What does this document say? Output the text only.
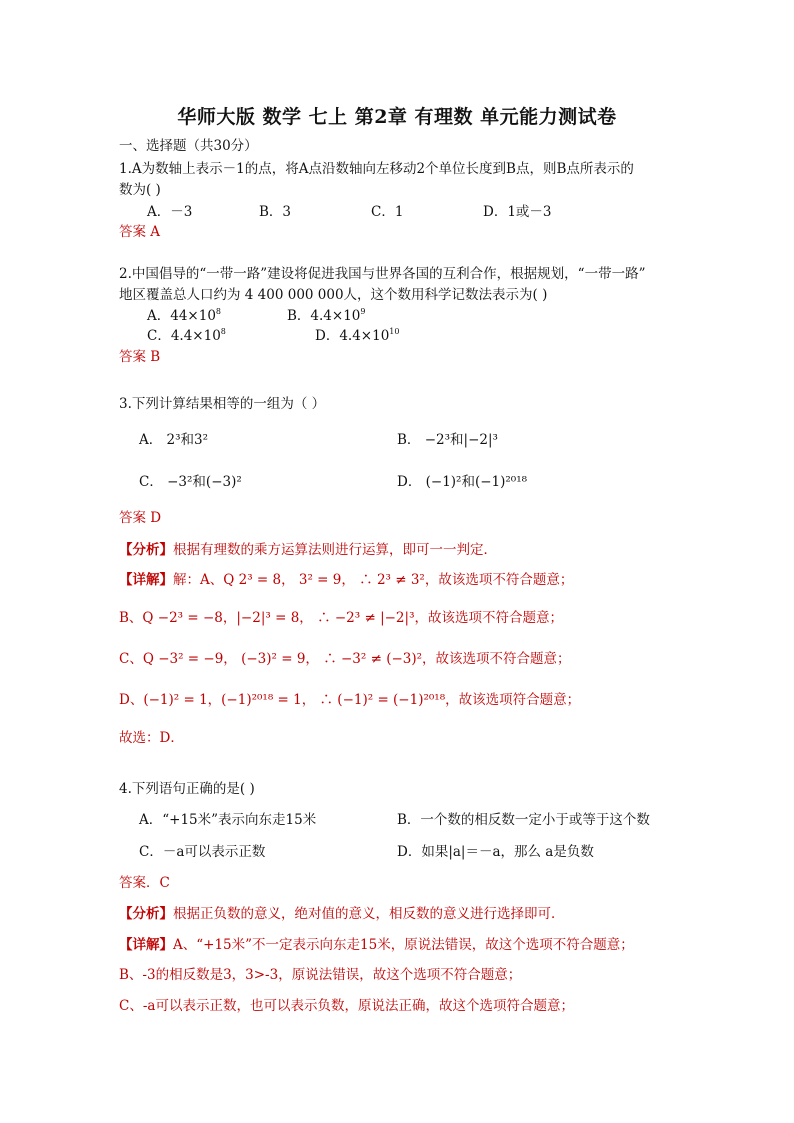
华师大版 数学 七上 第2章 有理数 单元能力测试卷
一、选择题（共30分）
1.A为数轴上表示－1的点，将A点沿数轴向左移动2个单位长度到B点，则B点所表示的
数为( )
A．－3	B．3	C．1	D．1或－3
答案 A
2.中国倡导的“一带一路”建设将促进我国与世界各国的互利合作，根据规划，“一带一路”
地区覆盖总人口约为 4 400 000 000人，这个数用科学记数法表示为( )
A．$44\times 10^8$	B．$4.4\times 10^9$
C．$4.4\times 10^8$	D．$4.4\times 10^{10}$
答案 B
3.下列计算结果相等的一组为（ ）
A． 2³和3²	B． −2³和|−2|³
C． −3²和(−3)²	D． (−1)²和(−1)²⁰¹⁸
答案 D
【分析】根据有理数的乘方运算法则进行运算，即可一一判定．
【详解】解：A、Q 2³ = 8， 3² = 9， ∴ 2³ ≠ 3²，故该选项不符合题意；
B、Q −2³ = −8，|−2|³ = 8， ∴ −2³ ≠ |−2|³，故该选项不符合题意；
C、Q −3² = −9， (−3)² = 9， ∴ −3² ≠ (−3)²，故该选项不符合题意；
D、(−1)² = 1，(−1)²⁰¹⁸ = 1， ∴ (−1)² = (−1)²⁰¹⁸，故该选项符合题意；
故选：D．
4.下列语句正确的是( )
A．“+15米”表示向东走15米	B．一个数的相反数一定小于或等于这个数
C．－a可以表示正数	D．如果|a|＝－a，那么 a是负数
答案．C
【分析】根据正负数的意义，绝对值的意义，相反数的意义进行选择即可．
【详解】A、“+15米”不一定表示向东走15米，原说法错误，故这个选项不符合题意；
B、-3的相反数是3，3>-3，原说法错误，故这个选项不符合题意；
C、-a可以表示正数，也可以表示负数，原说法正确，故这个选项符合题意；
